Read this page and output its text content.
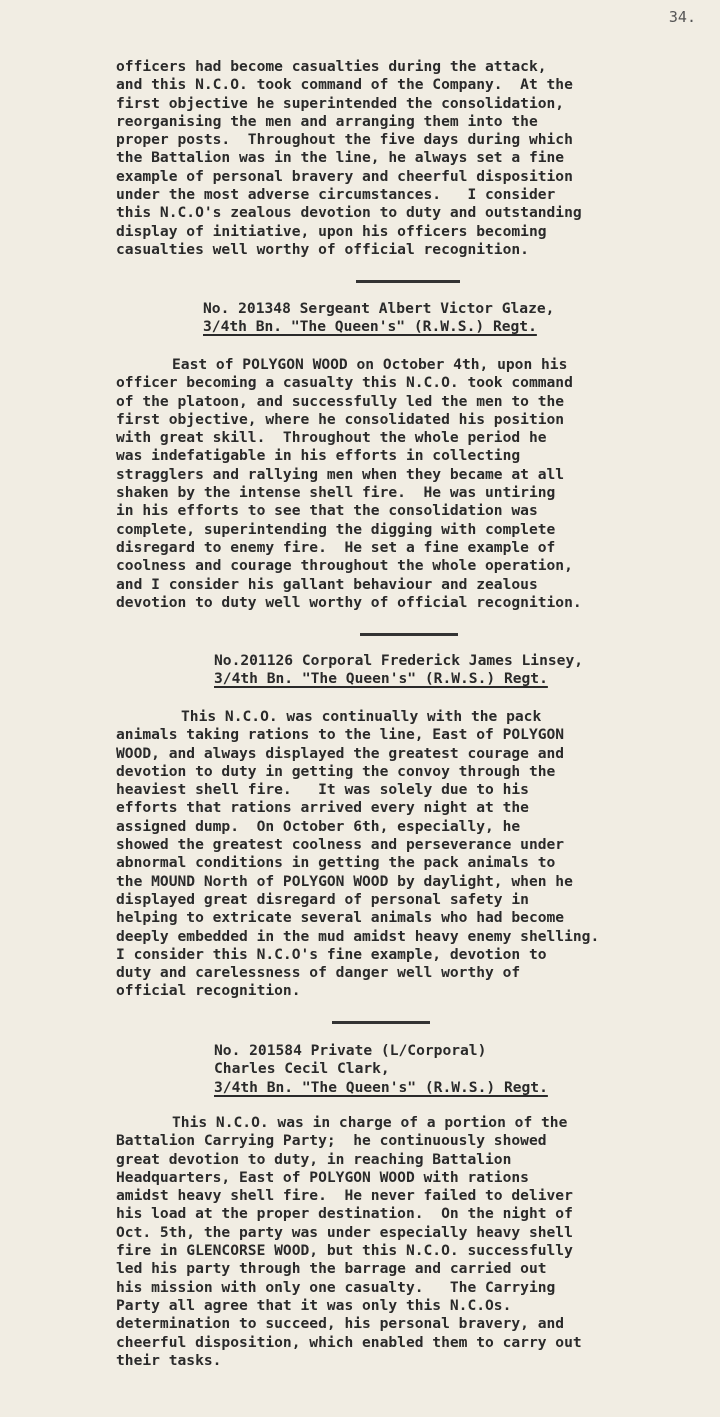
34.
officers had become casualties during the attack,
and this N.C.O. took command of the Company.  At the
first objective he superintended the consolidation,
reorganising the men and arranging them into the
proper posts.  Throughout the five days during which
the Battalion was in the line, he always set a fine
example of personal bravery and cheerful disposition
under the most adverse circumstances.   I consider
this N.C.O's zealous devotion to duty and outstanding
display of initiative, upon his officers becoming
casualties well worthy of official recognition.
No. 201348 Sergeant Albert Victor Glaze,
3/4th Bn. "The Queen's" (R.W.S.) Regt.
East of POLYGON WOOD on October 4th, upon his
officer becoming a casualty this N.C.O. took command
of the platoon, and successfully led the men to the
first objective, where he consolidated his position
with great skill.  Throughout the whole period he
was indefatigable in his efforts in collecting
stragglers and rallying men when they became at all
shaken by the intense shell fire.  He was untiring
in his efforts to see that the consolidation was
complete, superintending the digging with complete
disregard to enemy fire.  He set a fine example of
coolness and courage throughout the whole operation,
and I consider his gallant behaviour and zealous
devotion to duty well worthy of official recognition.
No.201126 Corporal Frederick James Linsey,
3/4th Bn. "The Queen's" (R.W.S.) Regt.
This N.C.O. was continually with the pack
animals taking rations to the line, East of POLYGON
WOOD, and always displayed the greatest courage and
devotion to duty in getting the convoy through the
heaviest shell fire.   It was solely due to his
efforts that rations arrived every night at the
assigned dump.  On October 6th, especially, he
showed the greatest coolness and perseverance under
abnormal conditions in getting the pack animals to
the MOUND North of POLYGON WOOD by daylight, when he
displayed great disregard of personal safety in
helping to extricate several animals who had become
deeply embedded in the mud amidst heavy enemy shelling.
I consider this N.C.O's fine example, devotion to
duty and carelessness of danger well worthy of
official recognition.
No. 201584 Private (L/Corporal)
Charles Cecil Clark,
3/4th Bn. "The Queen's" (R.W.S.) Regt.
This N.C.O. was in charge of a portion of the
Battalion Carrying Party;  he continuously showed
great devotion to duty, in reaching Battalion
Headquarters, East of POLYGON WOOD with rations
amidst heavy shell fire.  He never failed to deliver
his load at the proper destination.  On the night of
Oct. 5th, the party was under especially heavy shell
fire in GLENCORSE WOOD, but this N.C.O. successfully
led his party through the barrage and carried out
his mission with only one casualty.   The Carrying
Party all agree that it was only this N.C.Os.
determination to succeed, his personal bravery, and
cheerful disposition, which enabled them to carry out
their tasks.
